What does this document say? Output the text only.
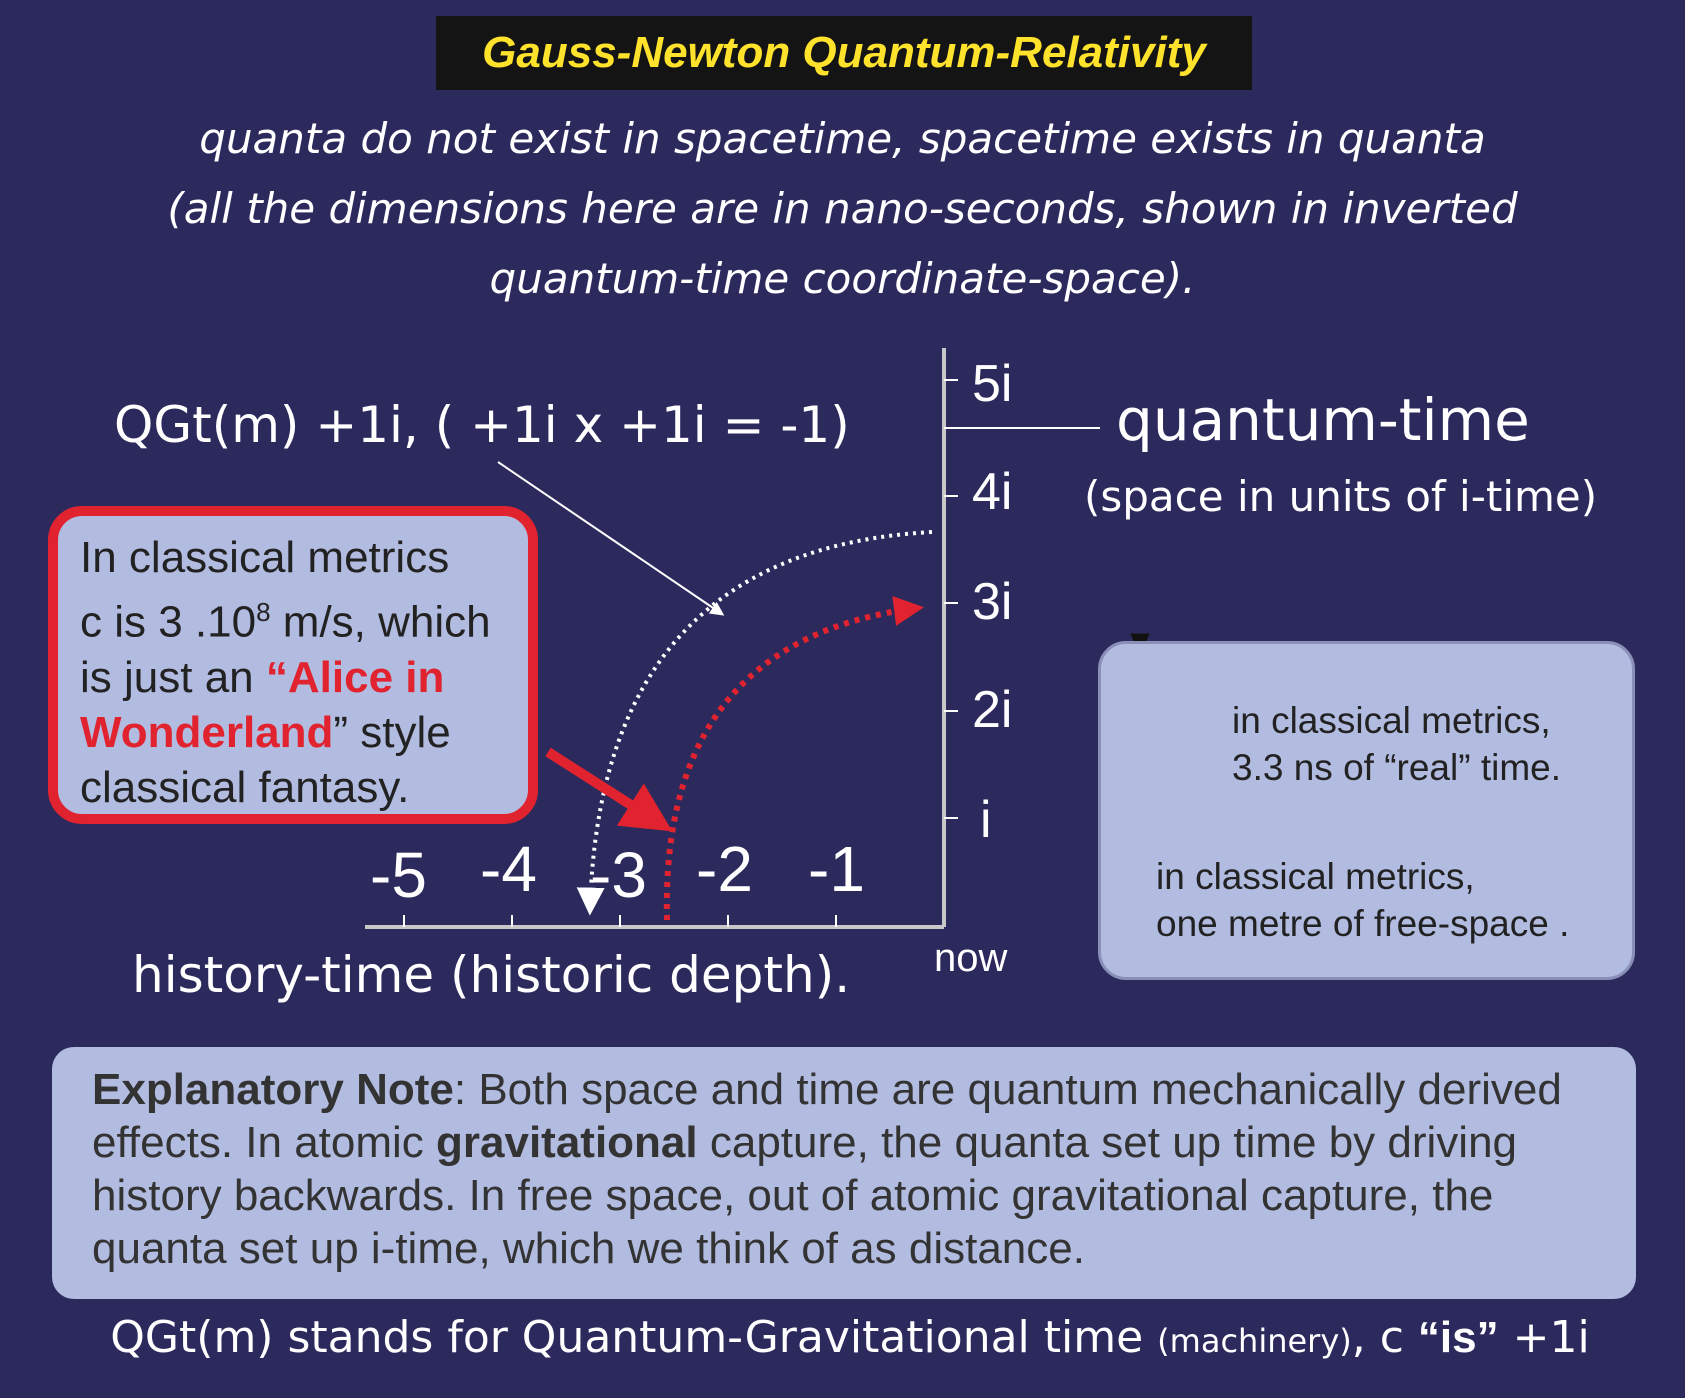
Gauss-Newton Quantum-Relativity
quanta do not exist in spacetime, spacetime exists in quanta
(all the dimensions here are in nano-seconds, shown in inverted
quantum-time coordinate-space).
-5 -4 -3 -2 -1
5i
4i
3i
2i
i
history-time (historic depth). now
quantum-time
(space in units of i-time)
QGt(m) +1i, ( +1i x +1i = -1)
In classical metrics
c is 3 $.10^8$ m/s, which
is just an “Alice in
Wonderland” style
classical fantasy.
in classical metrics,
3.3 ns of “real” time.
in classical metrics,
one metre of free-space .
Explanatory Note: Both space and time are quantum mechanically derived effects. In atomic gravitational capture, the quanta set up time by driving history backwards. In free space, out of atomic gravitational capture, the quanta set up i-time, which we think of as distance.
QGt(m) stands for Quantum-Gravitational time (machinery), c “is” +1i
